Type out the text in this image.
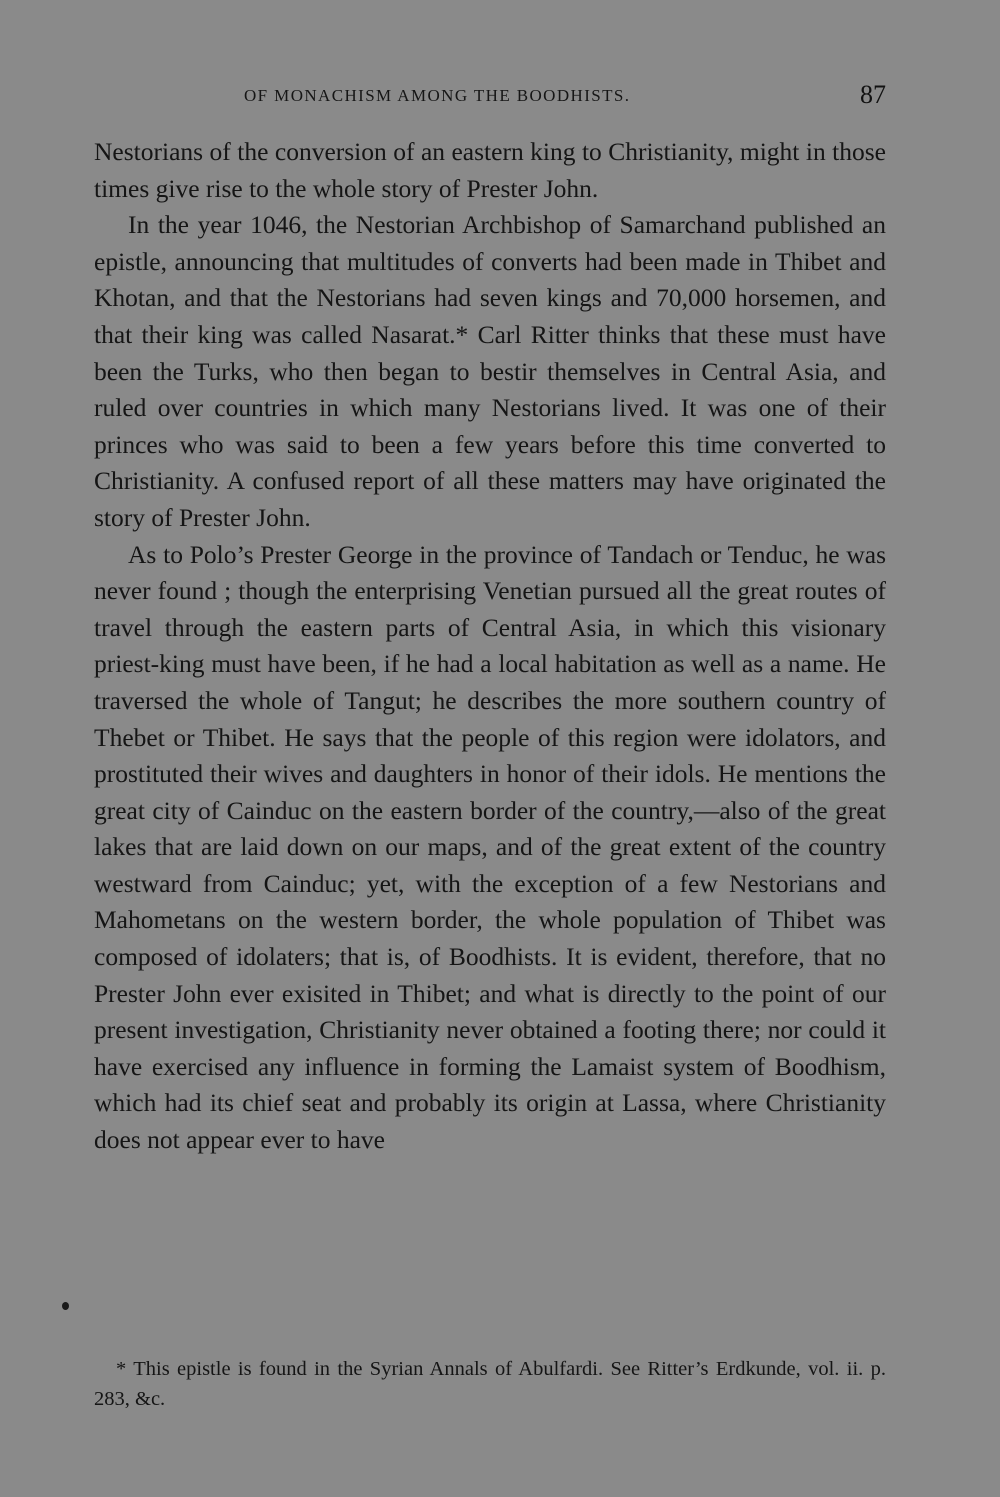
OF MONACHISM AMONG THE BOODHISTS.	87

Nestorians of the conversion of an eastern king to Christianity, might in those times give rise to the whole story of Prester John.

In the year 1046, the Nestorian Archbishop of Samarchand published an epistle, announcing that multitudes of converts had been made in Thibet and Khotan, and that the Nestorians had seven kings and 70,000 horsemen, and that their king was called Nasarat.* Carl Ritter thinks that these must have been the Turks, who then began to bestir themselves in Central Asia, and ruled over countries in which many Nestorians lived. It was one of their princes who was said to been a few years before this time converted to Christianity. A confused report of all these matters may have originated the story of Prester John.

As to Polo’s Prester George in the province of Tandach or Tenduc, he was never found ; though the enterprising Venetian pursued all the great routes of travel through the eastern parts of Central Asia, in which this visionary priest-king must have been, if he had a local habitation as well as a name. He traversed the whole of Tangut; he describes the more southern country of Thebet or Thibet. He says that the people of this region were idolators, and prostituted their wives and daughters in honor of their idols. He mentions the great city of Cainduc on the eastern border of the country,—also of the great lakes that are laid down on our maps, and of the great extent of the country westward from Cainduc; yet, with the exception of a few Nestorians and Mahometans on the western border, the whole population of Thibet was composed of idolaters; that is, of Boodhists. It is evident, therefore, that no Prester John ever exisited in Thibet; and what is directly to the point of our present investigation, Christianity never obtained a footing there; nor could it have exercised any influence in forming the Lamaist system of Boodhism, which had its chief seat and probably its origin at Lassa, where Christianity does not appear ever to have

* This epistle is found in the Syrian Annals of Abulfardi. See Ritter’s Erdkunde, vol. ii. p. 283, &c.
